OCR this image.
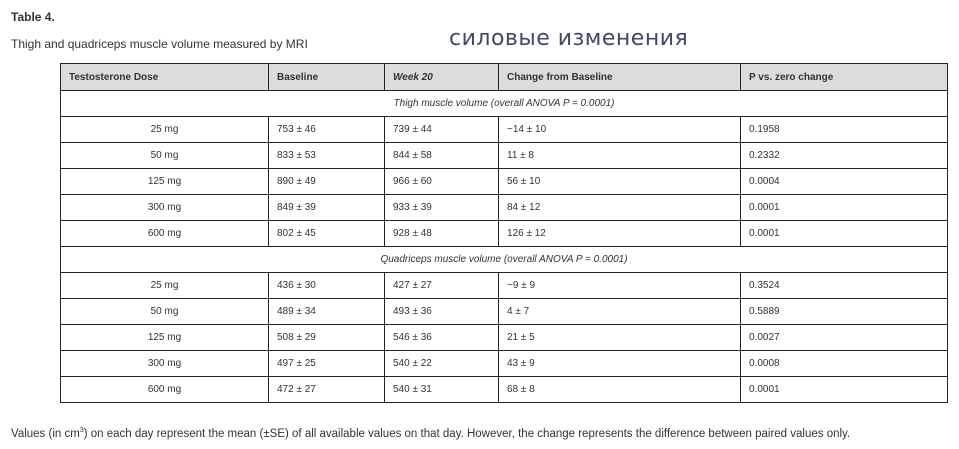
Table 4.
Thigh and quadriceps muscle volume measured by MRI	силовые изменения
Testosterone Dose	Baseline	Week 20	Change from Baseline	P vs. zero change
Thigh muscle volume (overall ANOVA P = 0.0001)				
25 mg	753 ± 46	739 ± 44	−14 ± 10	0.1958
50 mg	833 ± 53	844 ± 58	11 ± 8	0.2332
125 mg	890 ± 49	966 ± 60	56 ± 10	0.0004
300 mg	849 ± 39	933 ± 39	84 ± 12	0.0001
600 mg	802 ± 45	928 ± 48	126 ± 12	0.0001
Quadriceps muscle volume (overall ANOVA P = 0.0001)				
25 mg	436 ± 30	427 ± 27	−9 ± 9	0.3524
50 mg	489 ± 34	493 ± 36	4 ± 7	0.5889
125 mg	508 ± 29	546 ± 36	21 ± 5	0.0027
300 mg	497 ± 25	540 ± 22	43 ± 9	0.0008
600 mg	472 ± 27	540 ± 31	68 ± 8	0.0001
Values (in $cm^3$) on each day represent the mean (±SE) of all available values on that day. However, the change represents the difference between paired values only.
